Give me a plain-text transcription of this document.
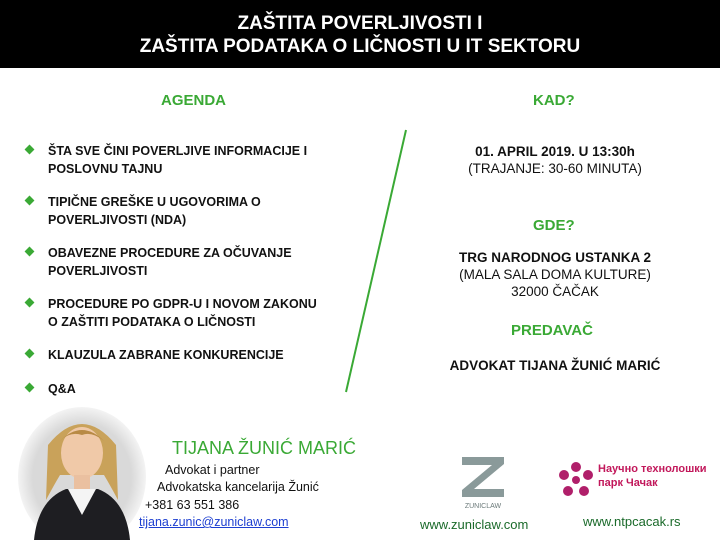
ZAŠTITA POVERLJIVOSTI I
ZAŠTITA PODATAKA O LIČNOSTI U IT SEKTORU
AGENDA
ŠTA SVE ČINI POVERLJIVE INFORMACIJE I
POSLOVNU TAJNU
TIPIČNE GREŠKE U UGOVORIMA O
POVERLJIVOSTI (NDA)
OBAVEZNE PROCEDURE ZA OČUVANJE
POVERLJIVOSTI
PROCEDURE PO GDPR-U I NOVOM ZAKONU
O ZAŠTITI PODATAKA O LIČNOSTI
KLAUZULA ZABRANE KONKURENCIJE
Q&A
KAD?
01. APRIL 2019. U 13:30h
(TRAJANJE: 30-60 MINUTA)
GDE?
TRG NARODNOG USTANKA 2
(MALA SALA DOMA KULTURE)
32000 ČAČAK
PREDAVAČ
ADVOKAT TIJANA ŽUNIĆ MARIĆ
TIJANA ŽUNIĆ MARIĆ
Advokat i partner
Advokatska kancelarija Žunić
+381 63 551 386
tijana.zunic@zuniclaw.com
ZUNICLAW
www.zuniclaw.com
Научно технолошки
парк Чачак
www.ntpcacak.rs
